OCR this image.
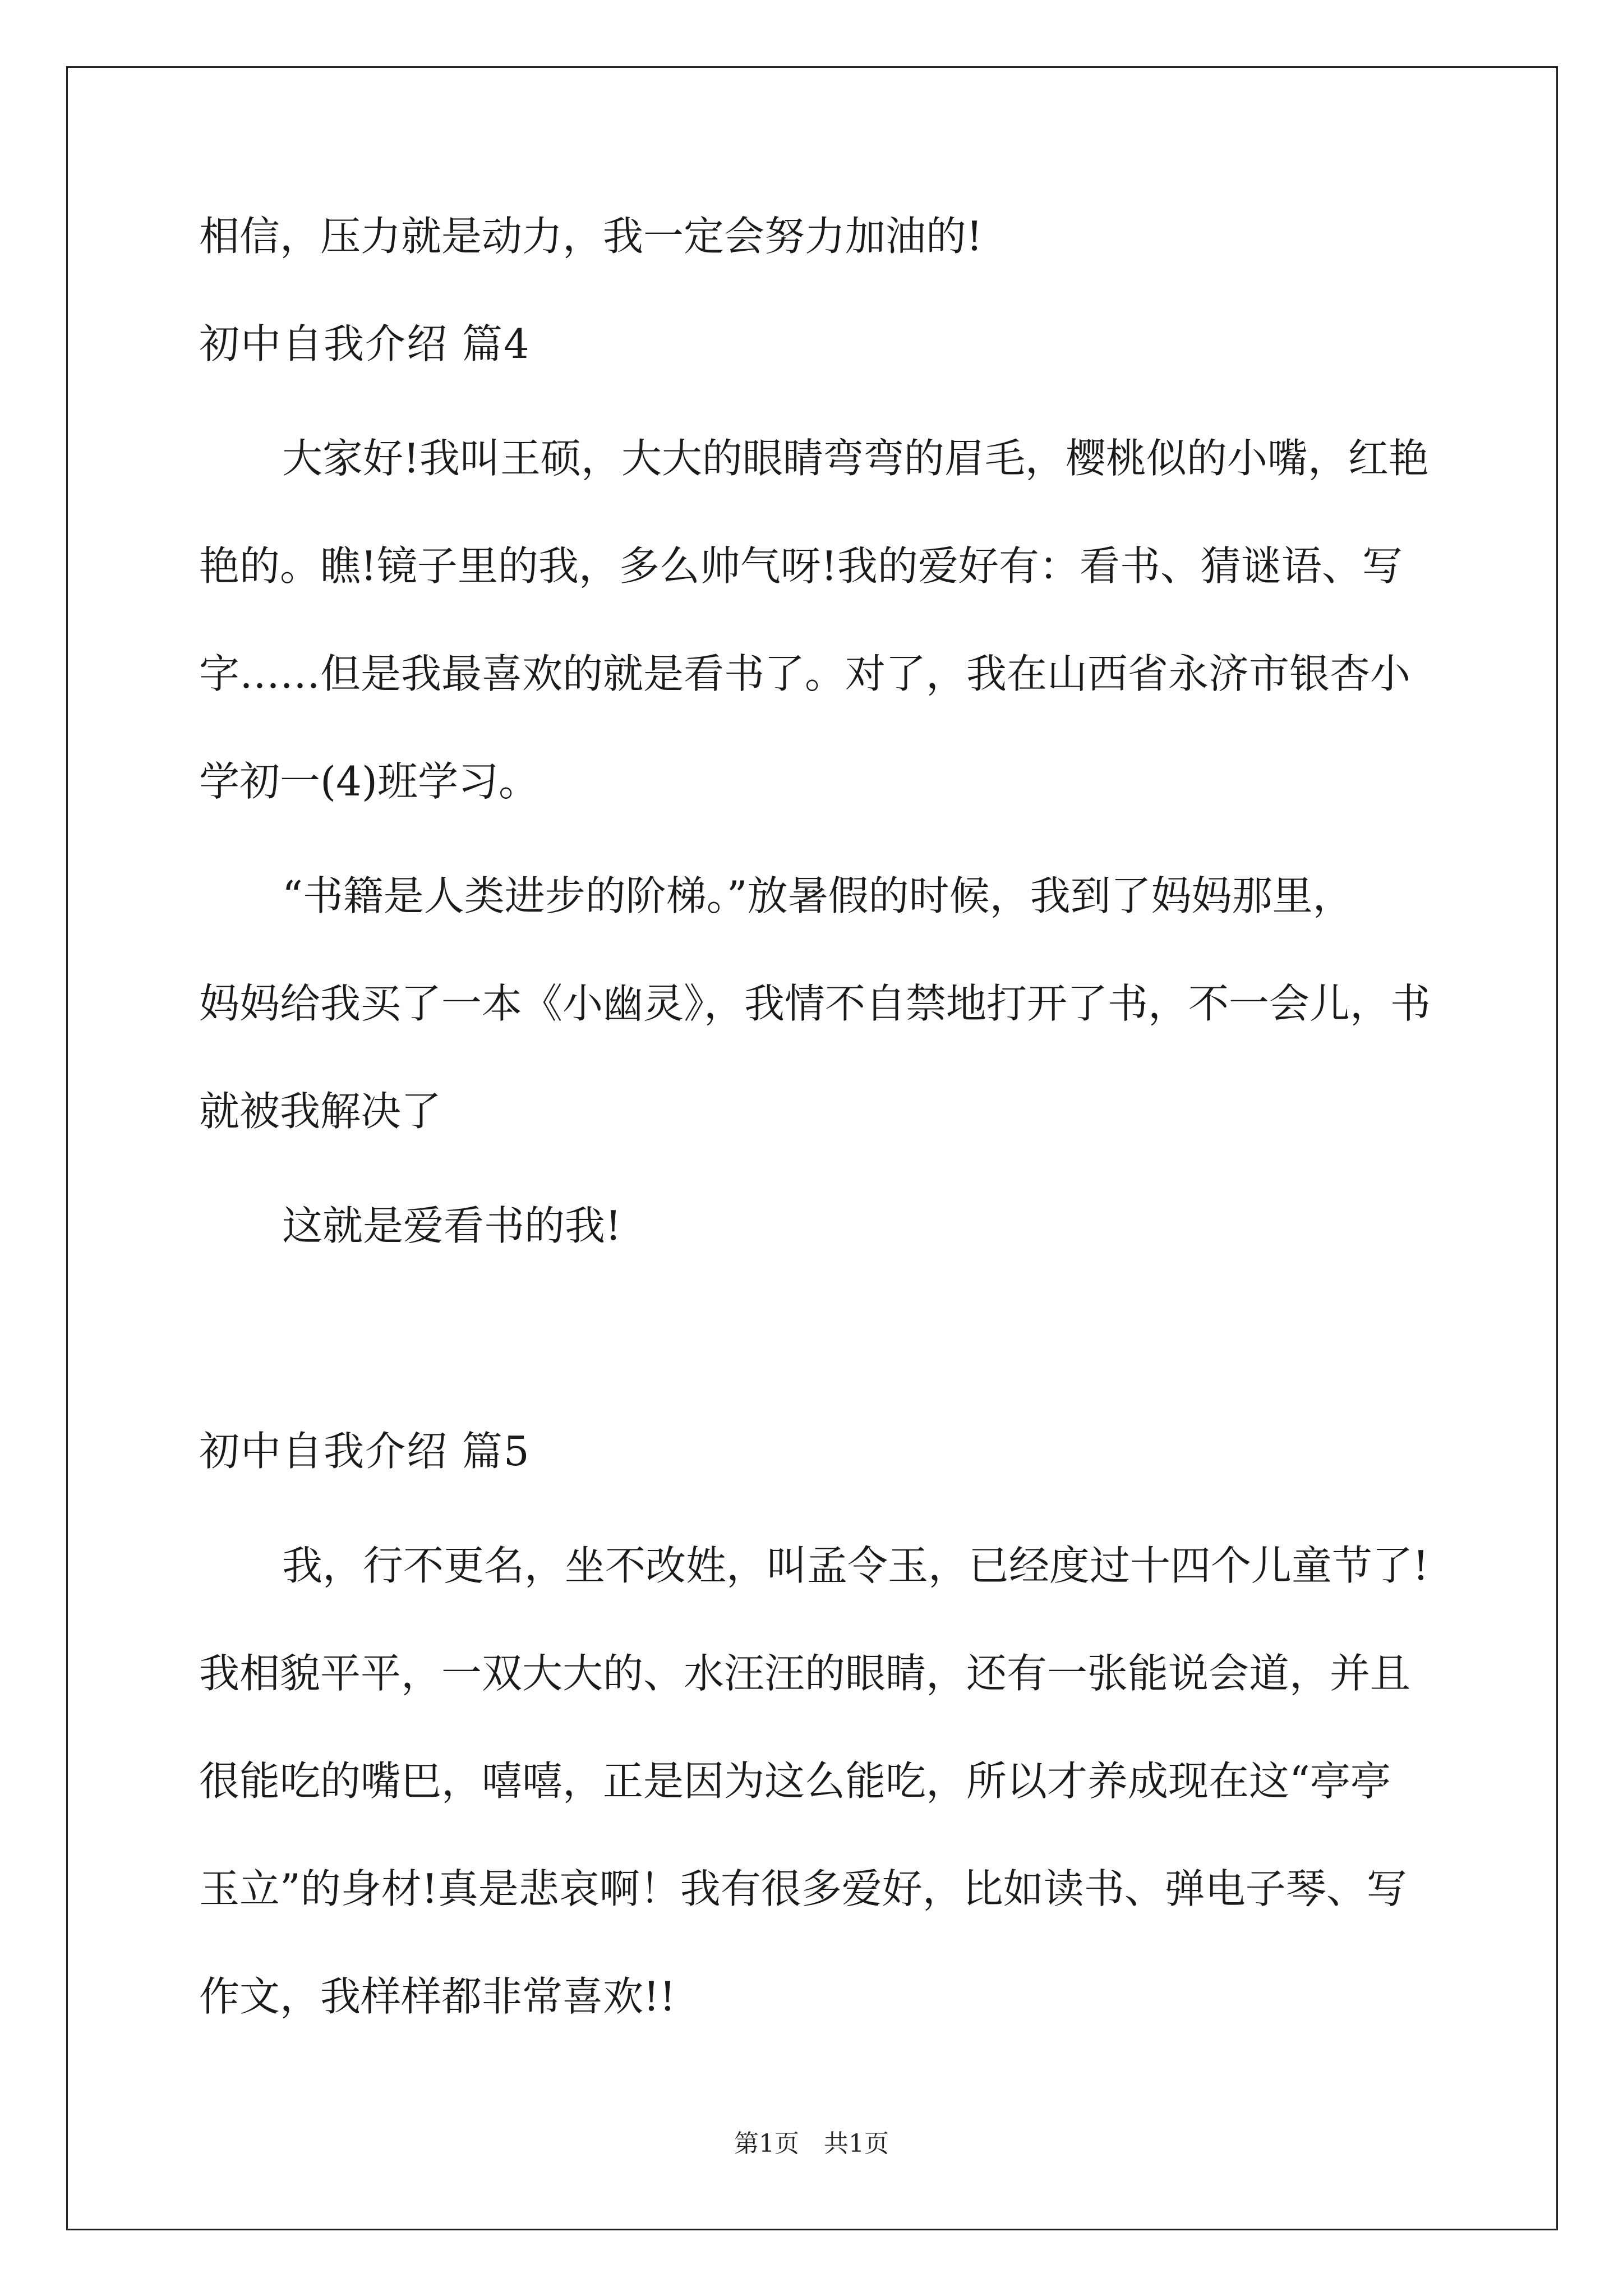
相信，压力就是动力，我一定会努力加油的!

初中自我介绍 篇4

大家好!我叫王硕，大大的眼睛弯弯的眉毛，樱桃似的小嘴，红艳

艳的。瞧!镜子里的我，多么帅气呀!我的爱好有：看书、猜谜语、写

字……但是我最喜欢的就是看书了。对了，我在山西省永济市银杏小

学初一(4)班学习。

“书籍是人类进步的阶梯。”放暑假的时候，我到了妈妈那里，

妈妈给我买了一本《小幽灵》，我情不自禁地打开了书，不一会儿，书

就被我解决了

这就是爱看书的我!

初中自我介绍 篇5

我，行不更名，坐不改姓，叫孟令玉，已经度过十四个儿童节了!

我相貌平平，一双大大的、水汪汪的眼睛，还有一张能说会道，并且

很能吃的嘴巴，嘻嘻，正是因为这么能吃，所以才养成现在这“亭亭

玉立”的身材!真是悲哀啊！我有很多爱好，比如读书、弹电子琴、写

作文，我样样都非常喜欢!!

第1页　共1页
